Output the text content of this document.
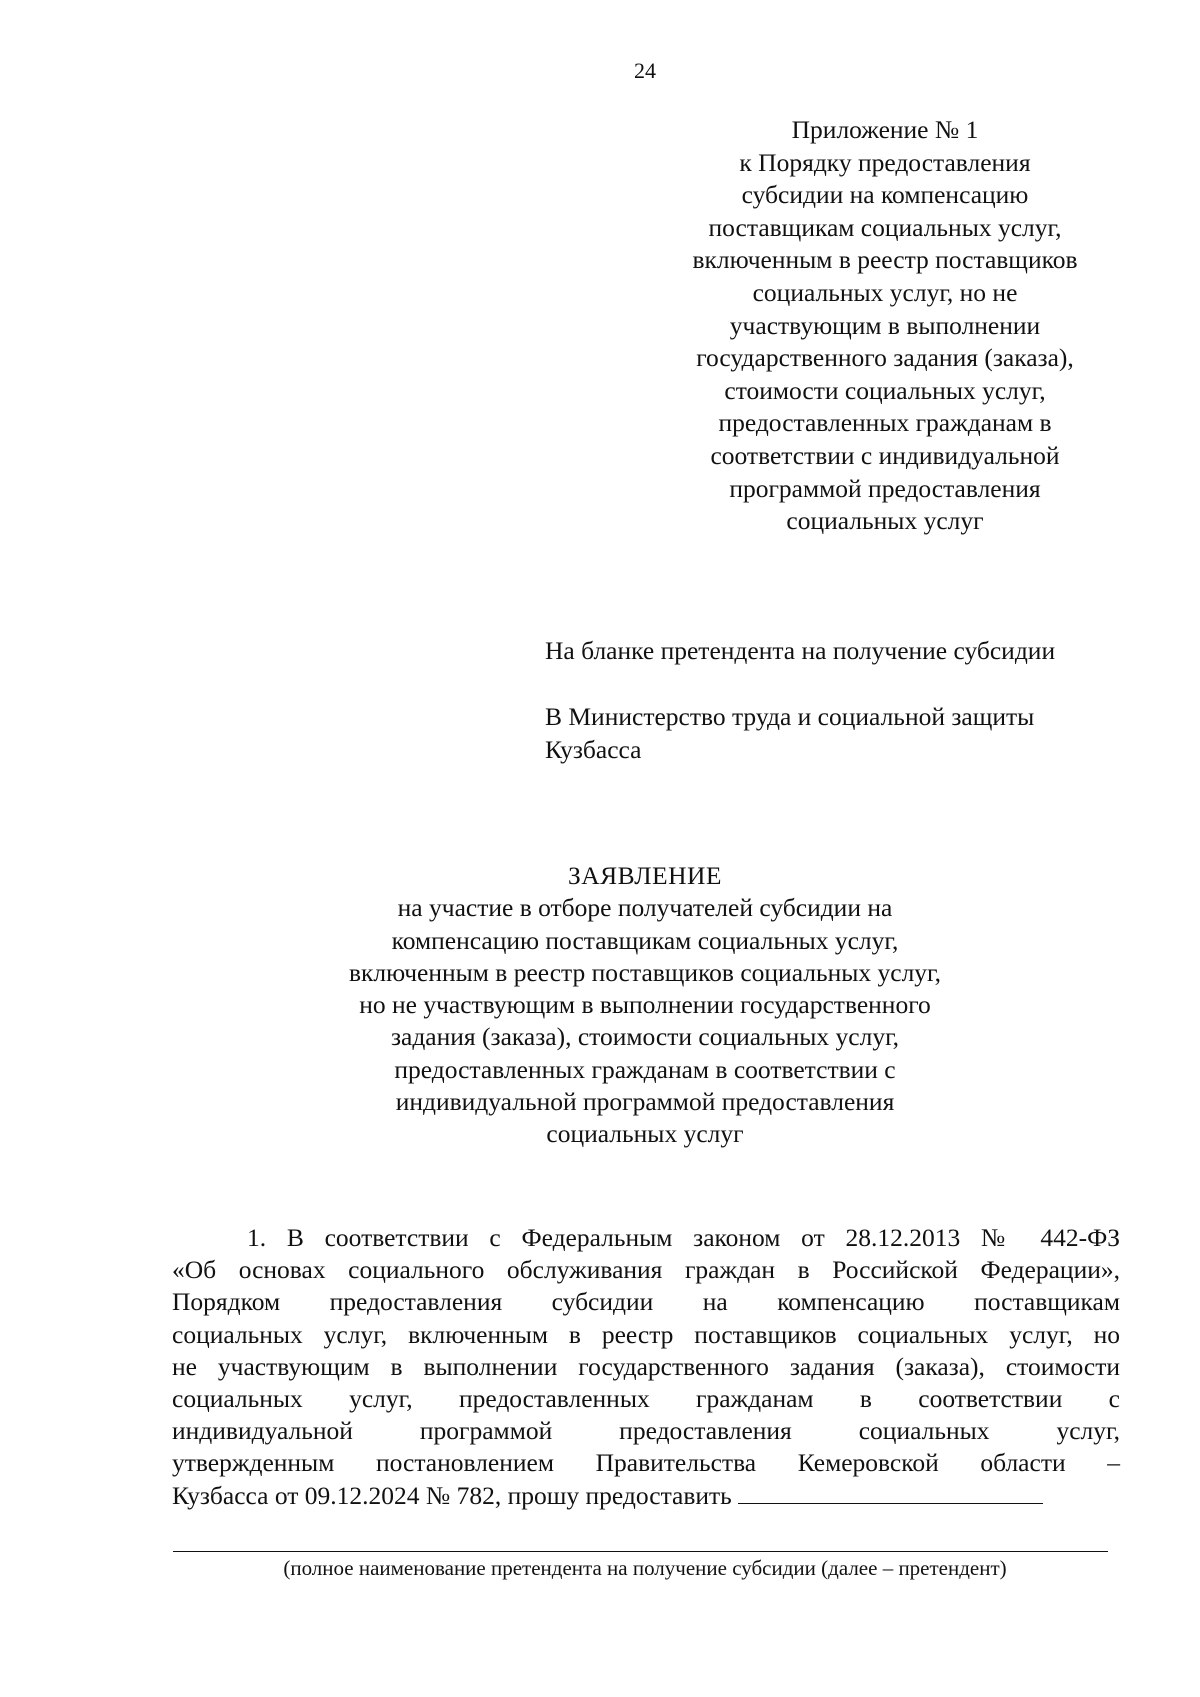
24
Приложение № 1
к Порядку предоставления
субсидии на компенсацию
поставщикам социальных услуг,
включенным в реестр поставщиков
социальных услуг, но не
участвующим в выполнении
государственного задания (заказа),
стоимости социальных услуг,
предоставленных гражданам в
соответствии с индивидуальной
программой предоставления
социальных услуг
На бланке претендента на получение субсидии
В Министерство труда и социальной защиты
Кузбасса
ЗАЯВЛЕНИЕ
на участие в отборе получателей субсидии на
компенсацию поставщикам социальных услуг,
включенным в реестр поставщиков социальных услуг,
но не участвующим в выполнении государственного
задания (заказа), стоимости социальных услуг,
предоставленных гражданам в соответствии с
индивидуальной программой предоставления
социальных услуг
1. В соответствии с Федеральным законом от 28.12.2013 № 442-ФЗ
«Об основах социального обслуживания граждан в Российской Федерации»,
Порядком предоставления субсидии на компенсацию поставщикам
социальных услуг, включенным в реестр поставщиков социальных услуг, но
не участвующим в выполнении государственного задания (заказа), стоимости
социальных услуг, предоставленных гражданам в соответствии с
индивидуальной программой предоставления социальных услуг,
утвержденным постановлением Правительства Кемеровской области –
Кузбасса от 09.12.2024 № 782, прошу предоставить
(полное наименование претендента на получение субсидии (далее – претендент)
